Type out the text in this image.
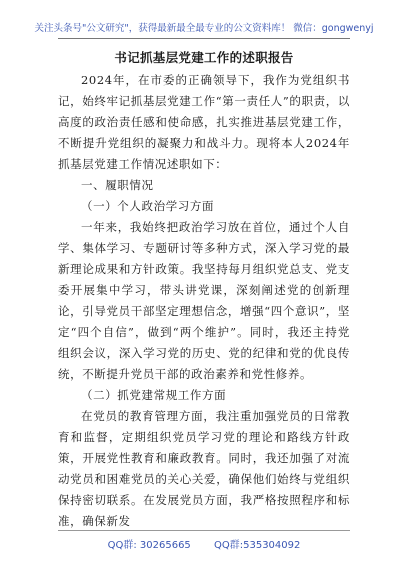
关注头条号"公文研究"，获得最新最全最专业的公文资料库！ 微信：gongwenyj
书记抓基层党建工作的述职报告

2024年，在市委的正确领导下，我作为党组织书记，始终牢记抓基层党建工作“第一责任人”的职责，以高度的政治责任感和使命感，扎实推进基层党建工作，不断提升党组织的凝聚力和战斗力。现将本人2024年抓基层党建工作情况述职如下：

一、履职情况

（一）个人政治学习方面

一年来，我始终把政治学习放在首位，通过个人自学、集体学习、专题研讨等多种方式，深入学习党的最新理论成果和方针政策。我坚持每月组织党总支、党支委开展集中学习，带头讲党课，深刻阐述党的创新理论，引导党员干部坚定理想信念，增强“四个意识”，坚定“四个自信”，做到“两个维护”。同时，我还主持党组织会议，深入学习党的历史、党的纪律和党的优良传统，不断提升党员干部的政治素养和党性修养。

（二）抓党建常规工作方面

在党员的教育管理方面，我注重加强党员的日常教育和监督，定期组织党员学习党的理论和路线方针政策，开展党性教育和廉政教育。同时，我还加强了对流动党员和困难党员的关心关爱，确保他们始终与党组织保持密切联系。在发展党员方面，我严格按照程序和标准，确保新发

QQ群: 30265665 QQ群:535304092
